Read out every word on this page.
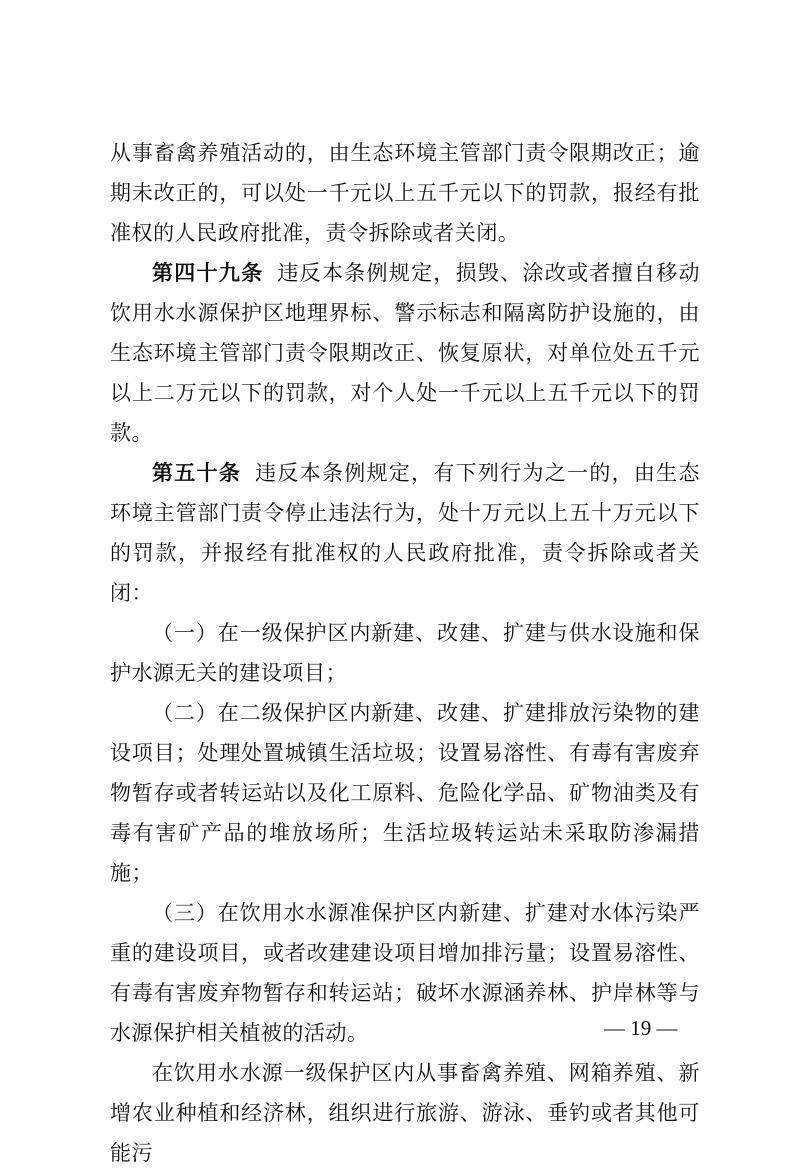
从事畜禽养殖活动的，由生态环境主管部门责令限期改正；逾期未改正的，可以处一千元以上五千元以下的罚款，报经有批准权的人民政府批准，责令拆除或者关闭。

第四十九条 违反本条例规定，损毁、涂改或者擅自移动饮用水水源保护区地理界标、警示标志和隔离防护设施的，由生态环境主管部门责令限期改正、恢复原状，对单位处五千元以上二万元以下的罚款，对个人处一千元以上五千元以下的罚款。

第五十条 违反本条例规定，有下列行为之一的，由生态环境主管部门责令停止违法行为，处十万元以上五十万元以下的罚款，并报经有批准权的人民政府批准，责令拆除或者关闭：

（一）在一级保护区内新建、改建、扩建与供水设施和保护水源无关的建设项目；

（二）在二级保护区内新建、改建、扩建排放污染物的建设项目；处理处置城镇生活垃圾；设置易溶性、有毒有害废弃物暂存或者转运站以及化工原料、危险化学品、矿物油类及有毒有害矿产品的堆放场所；生活垃圾转运站未采取防渗漏措施；

（三）在饮用水水源准保护区内新建、扩建对水体污染严重的建设项目，或者改建建设项目增加排污量；设置易溶性、有毒有害废弃物暂存和转运站；破坏水源涵养林、护岸林等与水源保护相关植被的活动。

在饮用水水源一级保护区内从事畜禽养殖、网箱养殖、新增农业种植和经济林，组织进行旅游、游泳、垂钓或者其他可能污

— 19 —
